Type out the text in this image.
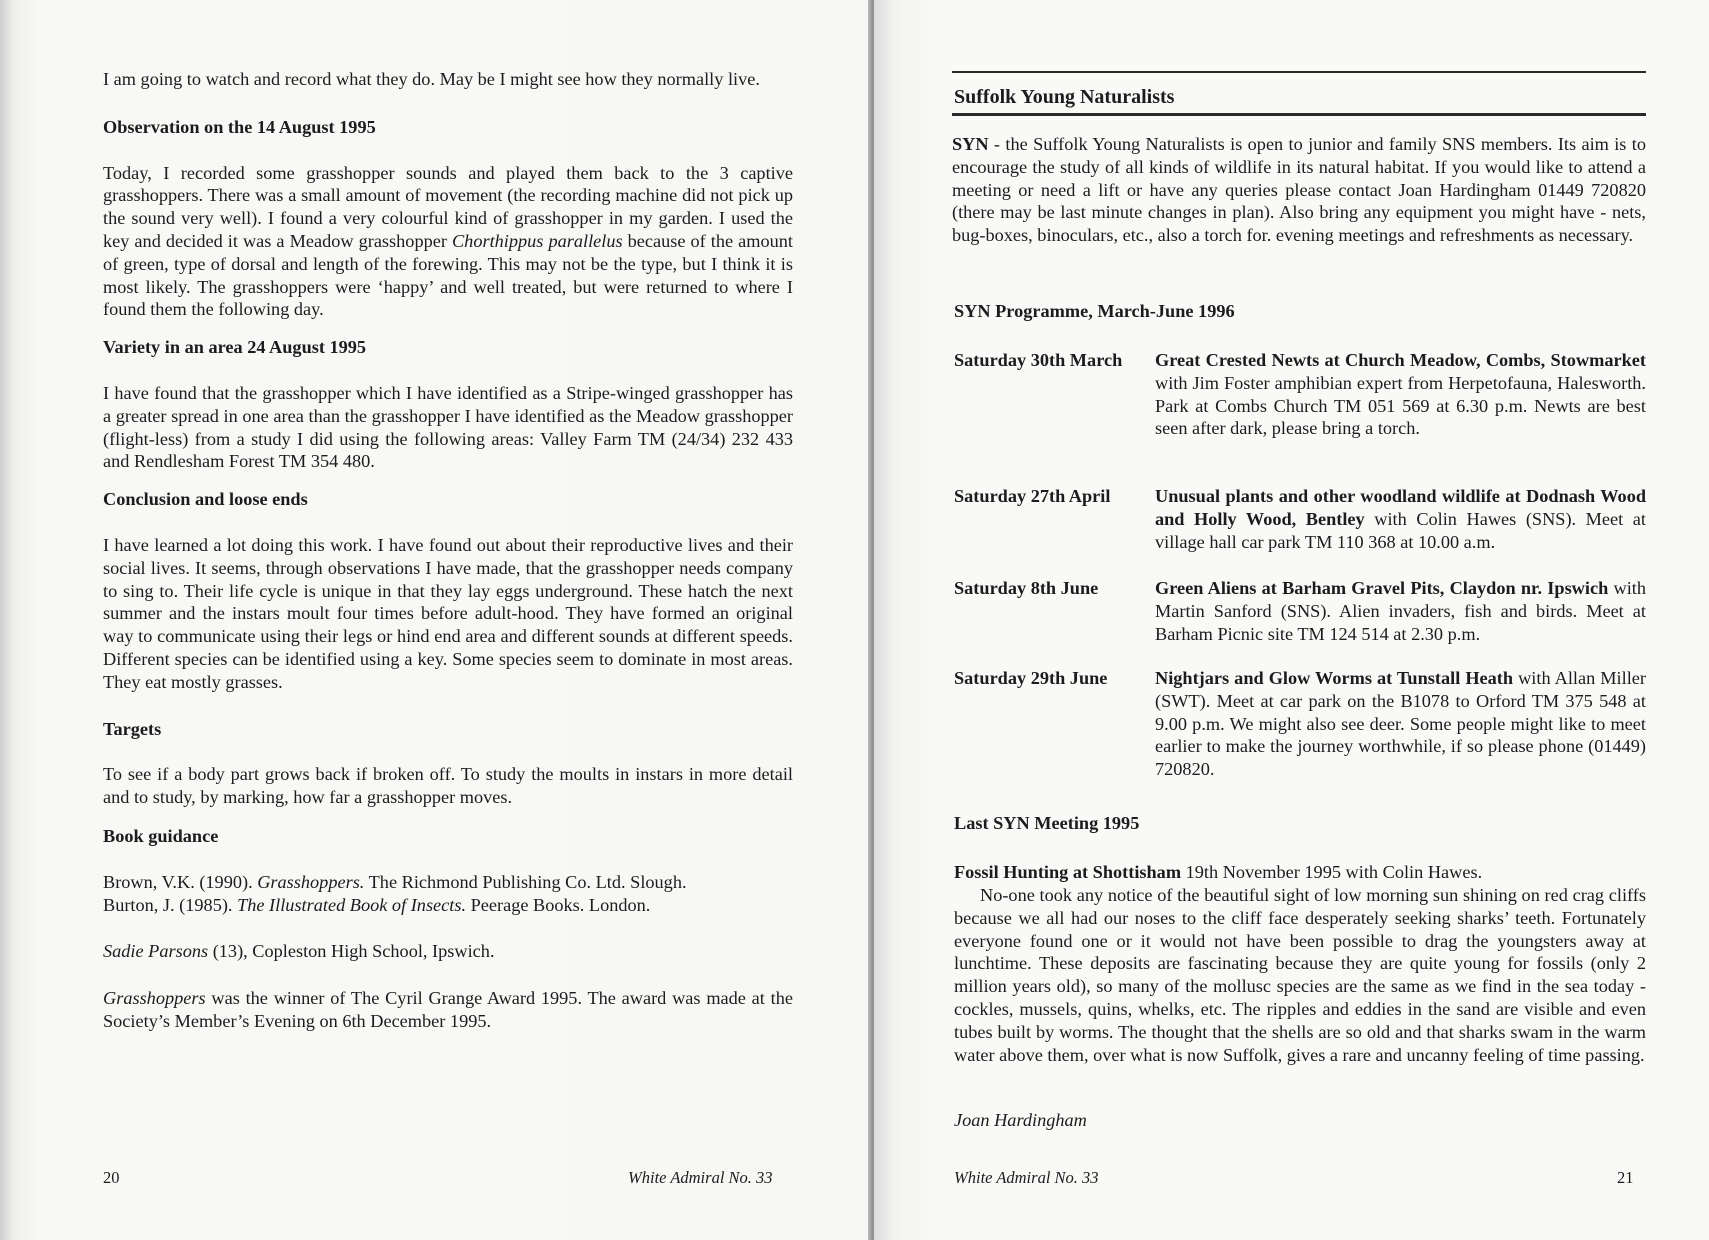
I am going to watch and record what they do. May be I might see how they normally live.

Observation on the 14 August 1995

Today, I recorded some grasshopper sounds and played them back to the 3 captive grasshoppers. There was a small amount of movement (the recording machine did not pick up the sound very well). I found a very colourful kind of grasshopper in my garden. I used the key and decided it was a Meadow grasshopper Chorthippus parallelus because of the amount of green, type of dorsal and length of the forewing. This may not be the type, but I think it is most likely. The grasshoppers were ‘happy’ and well treated, but were returned to where I found them the following day.

Variety in an area 24 August 1995

I have found that the grasshopper which I have identified as a Stripe-winged grasshopper has a greater spread in one area than the grasshopper I have identified as the Meadow grasshopper (flight-less) from a study I did using the following areas: Valley Farm TM (24/34) 232 433 and Rendlesham Forest TM 354 480.

Conclusion and loose ends

I have learned a lot doing this work. I have found out about their reproductive lives and their social lives. It seems, through observations I have made, that the grasshopper needs company to sing to. Their life cycle is unique in that they lay eggs underground. These hatch the next summer and the instars moult four times before adult-hood. They have formed an original way to communicate using their legs or hind end area and different sounds at different speeds. Different species can be identified using a key. Some species seem to dominate in most areas. They eat mostly grasses.

Targets

To see if a body part grows back if broken off. To study the moults in instars in more detail and to study, by marking, how far a grasshopper moves.

Book guidance

Brown, V.K. (1990). Grasshoppers. The Richmond Publishing Co. Ltd. Slough.

Burton, J. (1985). The Illustrated Book of Insects. Peerage Books. London.

Sadie Parsons (13), Copleston High School, Ipswich.

Grasshoppers was the winner of The Cyril Grange Award 1995. The award was made at the Society’s Member’s Evening on 6th December 1995.

20	White Admiral No. 33
Suffolk Young Naturalists

SYN - the Suffolk Young Naturalists is open to junior and family SNS members. Its aim is to encourage the study of all kinds of wildlife in its natural habitat. If you would like to attend a meeting or need a lift or have any queries please contact Joan Hardingham 01449 720820 (there may be last minute changes in plan). Also bring any equipment you might have - nets, bug-boxes, binoculars, etc., also a torch for. evening meetings and refreshments as necessary.

SYN Programme, March-June 1996
Saturday 30th March	Great Crested Newts at Church Meadow, Combs, Stowmarket with Jim Foster amphibian expert from Herpetofauna, Halesworth. Park at Combs Church TM 051 569 at 6.30 p.m. Newts are best seen after dark, please bring a torch.

Saturday 27th April	Unusual plants and other woodland wildlife at Dodnash Wood and Holly Wood, Bentley with Colin Hawes (SNS). Meet at village hall car park TM 110 368 at 10.00 a.m.

Saturday 8th June	Green Aliens at Barham Gravel Pits, Claydon nr. Ipswich with Martin Sanford (SNS). Alien invaders, fish and birds. Meet at Barham Picnic site TM 124 514 at 2.30 p.m.

Saturday 29th June	Nightjars and Glow Worms at Tunstall Heath with Allan Miller (SWT). Meet at car park on the B1078 to Orford TM 375 548 at 9.00 p.m. We might also see deer. Some people might like to meet earlier to make the journey worthwhile, if so please phone (01449) 720820.

Last SYN Meeting 1995

Fossil Hunting at Shottisham 19th November 1995 with Colin Hawes.

No-one took any notice of the beautiful sight of low morning sun shining on red crag cliffs because we all had our noses to the cliff face desperately seeking sharks’ teeth. Fortunately everyone found one or it would not have been possible to drag the youngsters away at lunchtime. These deposits are fascinating because they are quite young for fossils (only 2 million years old), so many of the mollusc species are the same as we find in the sea today -cockles, mussels, quins, whelks, etc. The ripples and eddies in the sand are visible and even tubes built by worms. The thought that the shells are so old and that sharks swam in the warm water above them, over what is now Suffolk, gives a rare and uncanny feeling of time passing.

Joan Hardingham

White Admiral No. 33	21
